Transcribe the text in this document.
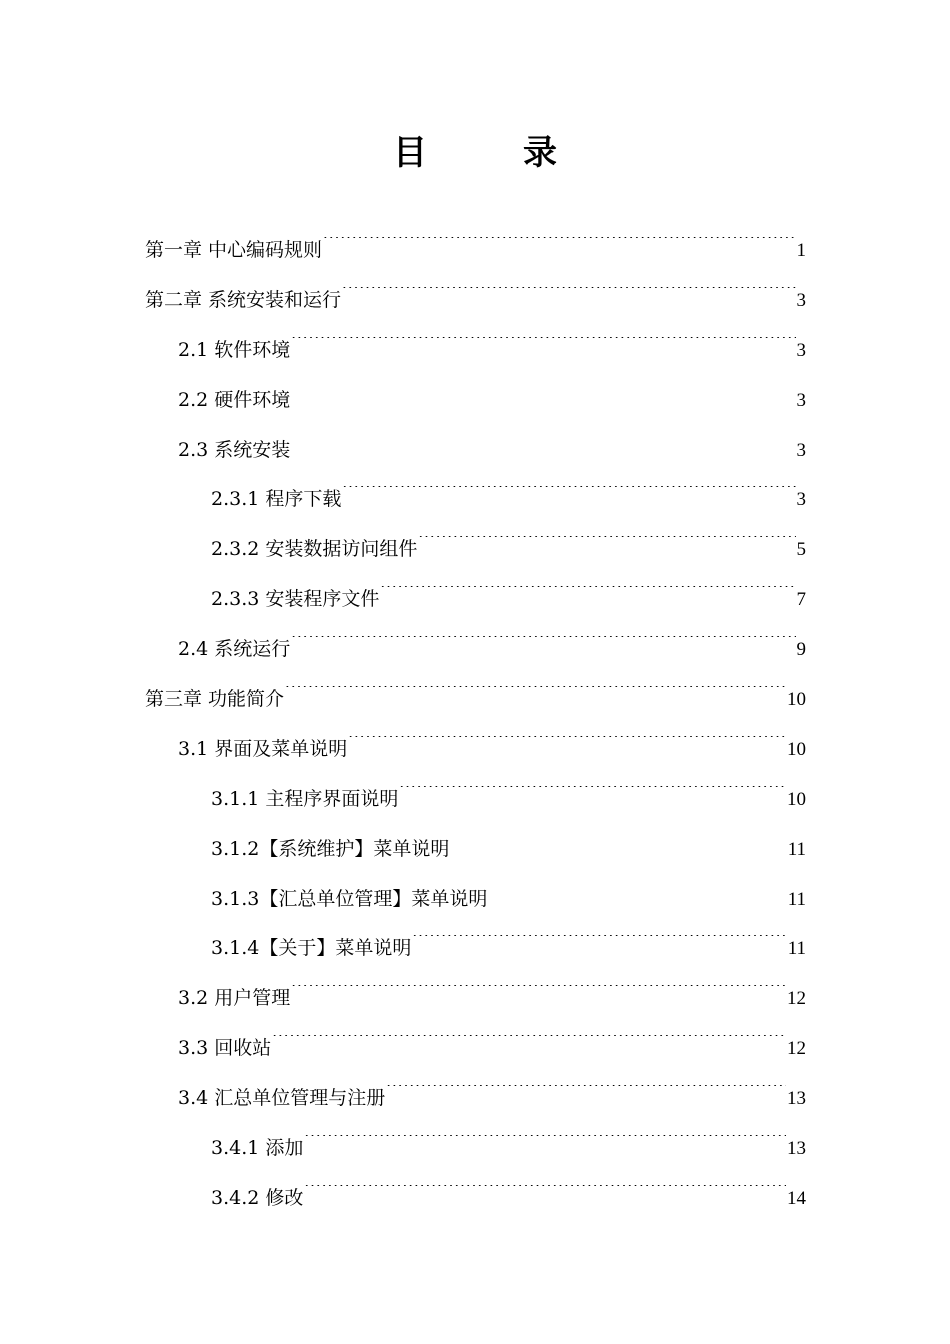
目	录
第一章 中心编码规则 .....	1
第二章 系统安装和运行 .....	3
2.1 软件环境 .....	3
2.2 硬件环境 .....	3
2.3 系统安装 .....	3
2.3.1 程序下载 .....	3
2.3.2 安装数据访问组件 .....	5
2.3.3 安装程序文件 .....	7
2.4 系统运行 .....	9
第三章 功能简介 .....	10
3.1 界面及菜单说明 .....	10
3.1.1 主程序界面说明 .....	10
3.1.2【系统维护】菜单说明 .....	11
3.1.3【汇总单位管理】菜单说明 .....	11
3.1.4【关于】菜单说明 .....	11
3.2 用户管理 .....	12
3.3 回收站 .....	12
3.4 汇总单位管理与注册 .....	13
3.4.1 添加 .....	13
3.4.2 修改 .....	14
